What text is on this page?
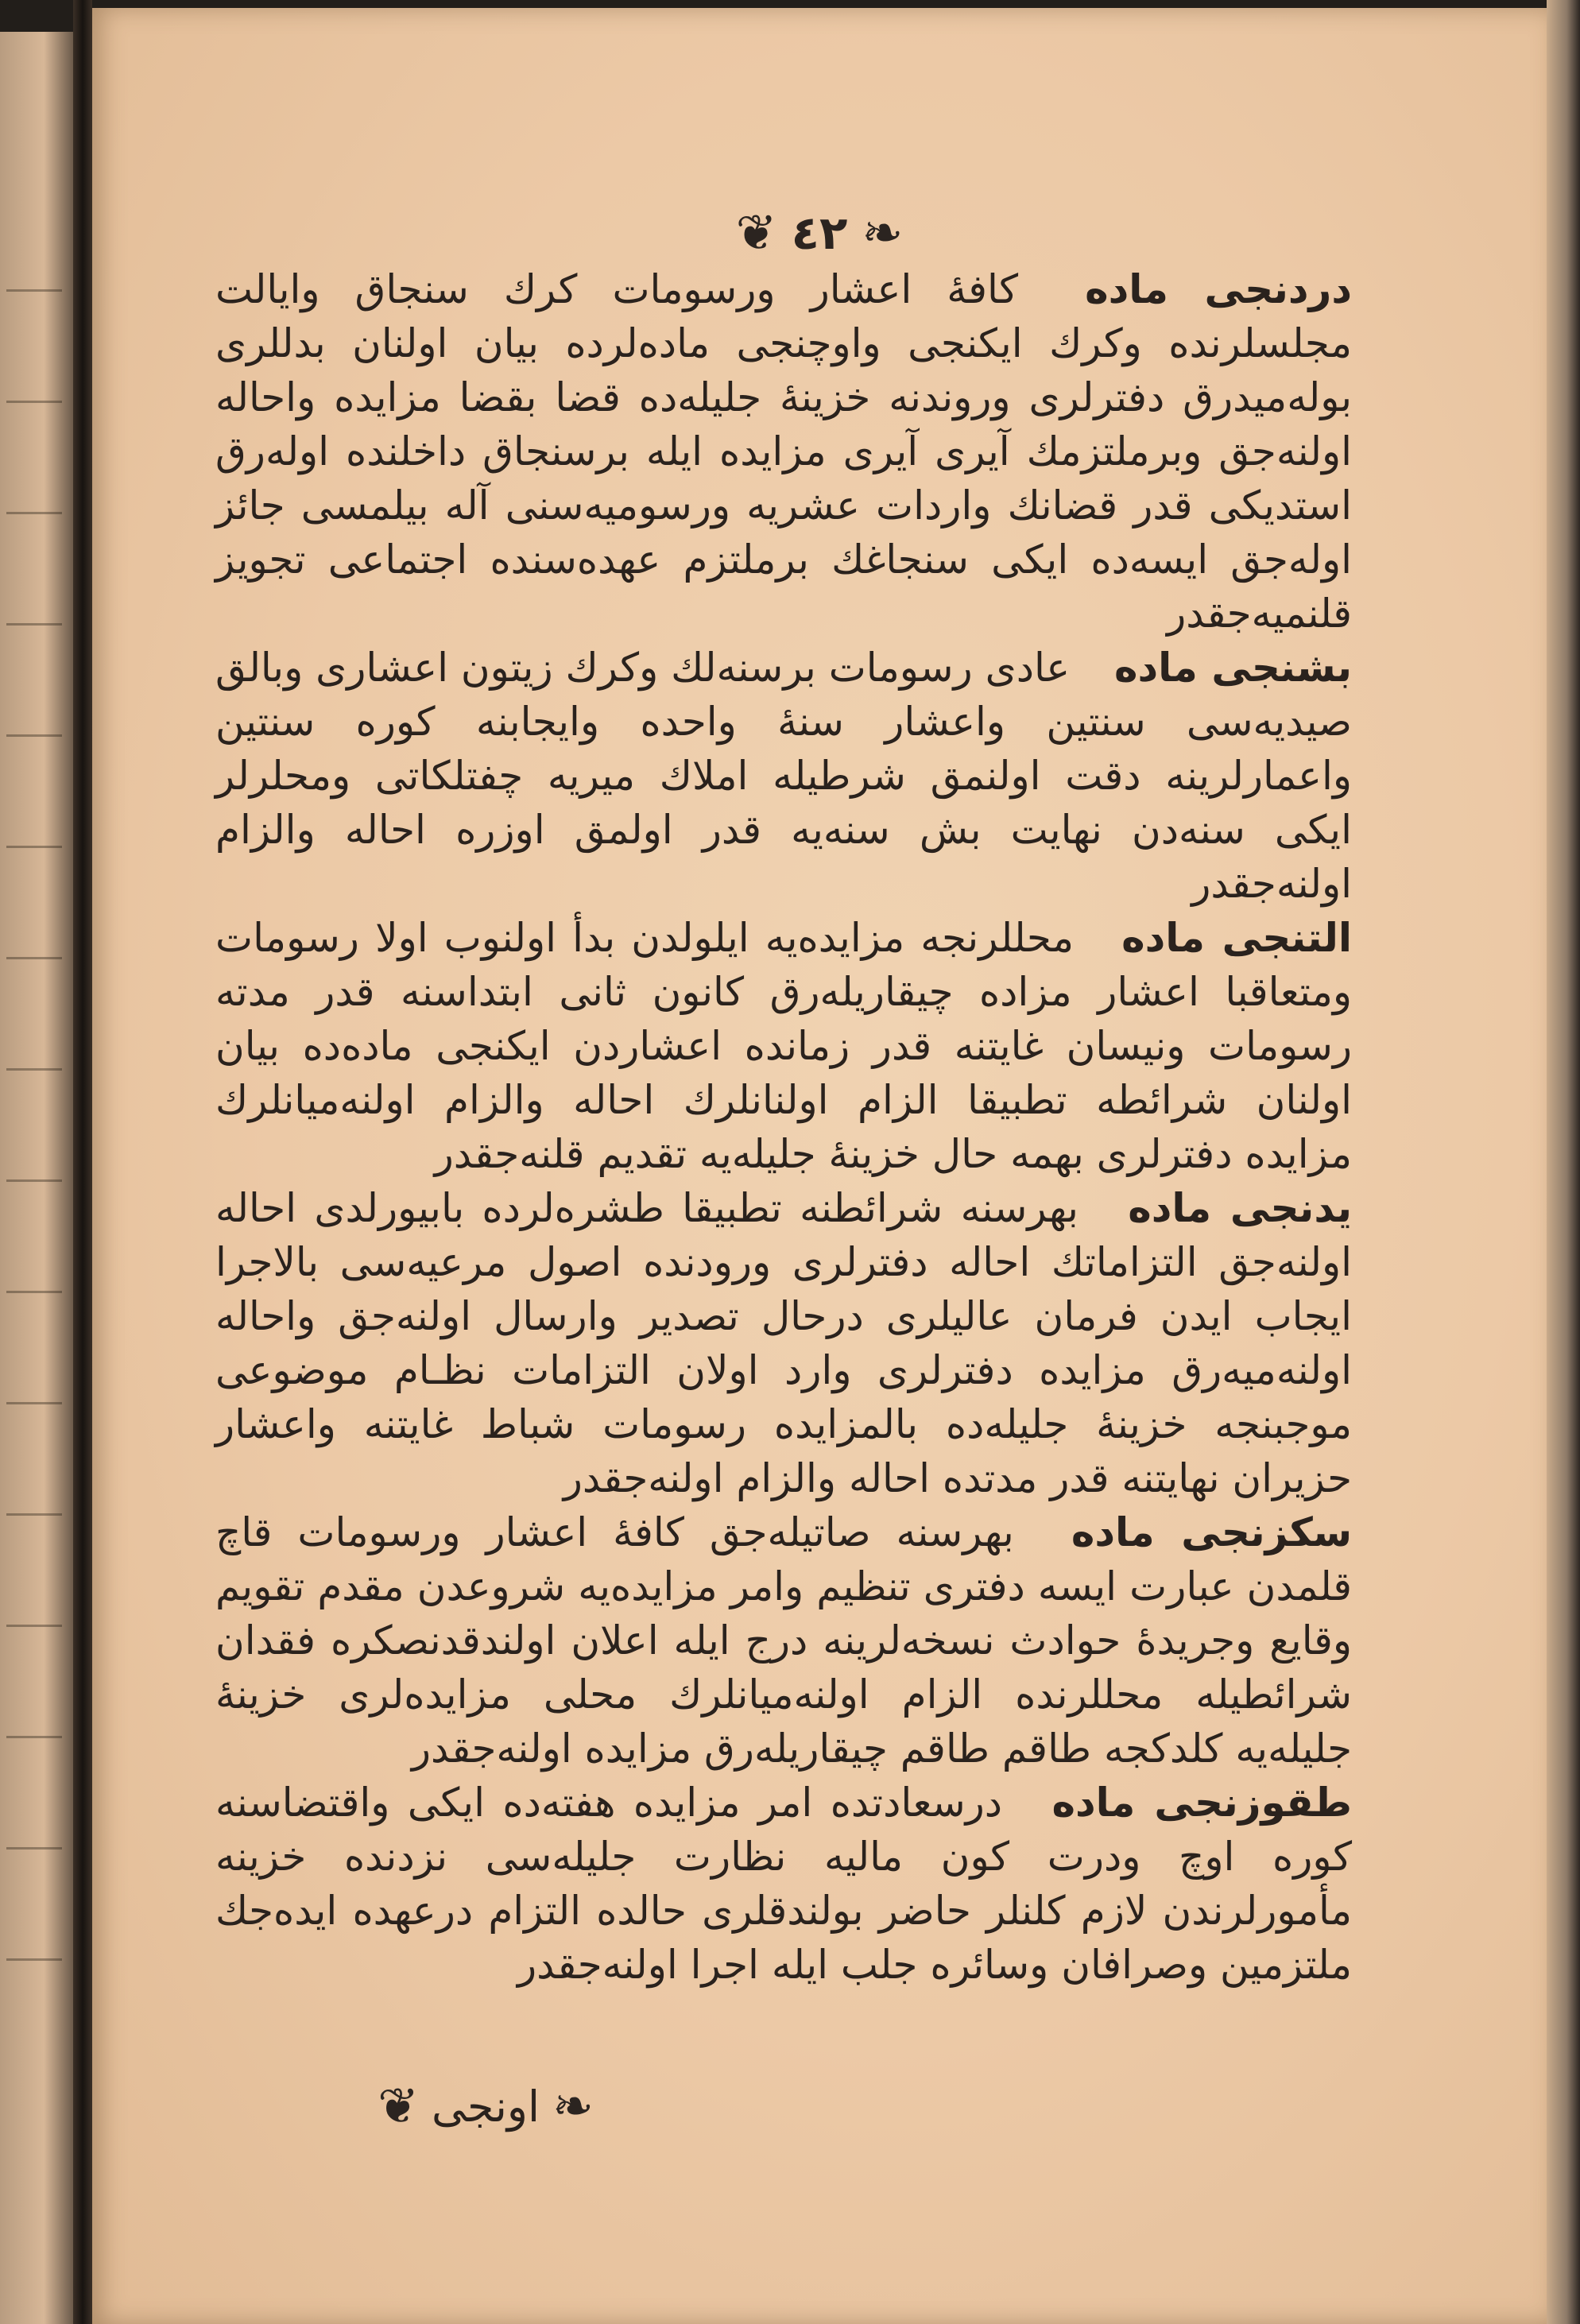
❦ ٤٢ ❧

دردنجی ماده کافۀ اعشار ورسومات کرك سنجاق وايالت مجلسلرنده وکرك ايکنجی واوچنجی ماده‌لرده بيان اولنان بدللری بوله‌میدرق دفترلری وروندنه خزينۀ جليله‌ده قضا بقضا مزايده واحاله اولنه‌جق وبرملتزمك آيری آيری مزايده ايله برسنجاق داخلنده اوله‌رق استديکی قدر قضانك واردات عشريه ورسوميه‌سنی آله بيلمسی جائز اوله‌جق ايسه‌ده ايکی سنجاغك برملتزم عهده‌سنده اجتماعی تجويز قلنميه‌جقدر

بشنجی ماده عادی رسومات برسنه‌لك وکرك زيتون اعشاری وبالق صيديه‌سی سنتين واعشار سنۀ واحده وايجابنه کوره سنتين واعمارلرينه دقت اولنمق شرطيله املاك ميريه چفتلکاتی ومحلرلر ايکی سنه‌دن نهايت بش سنه‌يه قدر اولمق اوزره احاله والزام اولنه‌جقدر

التنجی ماده محللرنجه مزايده‌يه ايلولدن بدأ اولنوب اولا رسومات ومتعاقبا اعشار مزاده چيقاريله‌رق کانون ثانی ابتداسنه قدر مدته رسومات ونيسان غايتنه قدر زمانده اعشاردن ايکنجی ماده‌ده بيان اولنان شرائطه تطبيقا الزام اولنانلرك احاله والزام اولنه‌ميانلرك مزايده دفترلری بهمه حال خزينۀ جليله‌يه تقديم قلنه‌جقدر

يدنجی ماده بهرسنه شرائطنه تطبيقا طشره‌لرده بابيورلدی احاله اولنه‌جق التزاماتك احاله دفترلری ورودنده اصول مرعيه‌سی بالاجرا ايجاب ايدن فرمان عاليلری درحال تصدير وارسال اولنه‌جق واحاله اولنه‌ميه‌رق مزايده دفترلری وارد اولان التزامات نظـام موضوعی موجبنجه خزينۀ جليله‌ده بالمزايده رسومات شباط غايتنه واعشار حزيران نهايتنه قدر مدتده احاله والزام اولنه‌جقدر

سکزنجی ماده بهرسنه صاتيله‌جق کافۀ اعشار ورسومات قاچ قلمدن عبارت ايسه دفتری تنظيم وامر مزايده‌يه شروعدن مقدم تقويم وقايع وجريدۀ حوادث نسخه‌لرينه درج ايله اعلان اولندقدنصکره فقدان شرائطيله محللرنده الزام اولنه‌ميانلرك محلی مزايده‌لری خزينۀ جليله‌يه کلدکجه طاقم طاقم چيقاريله‌رق مزايده اولنه‌جقدر

طقوزنجی ماده درسعادتده امر مزايده هفته‌ده ايکی واقتضاسنه کوره اوچ ودرت کون ماليه نظارت جليله‌سی نزدنده خزينه مأمورلرندن لازم کلنلر حاضر بولندقلری حالده التزام درعهده ايده‌جك ملتزمين وصرافان وسائره جلب ايله اجرا اولنه‌جقدر

❧
اونجی
❦
